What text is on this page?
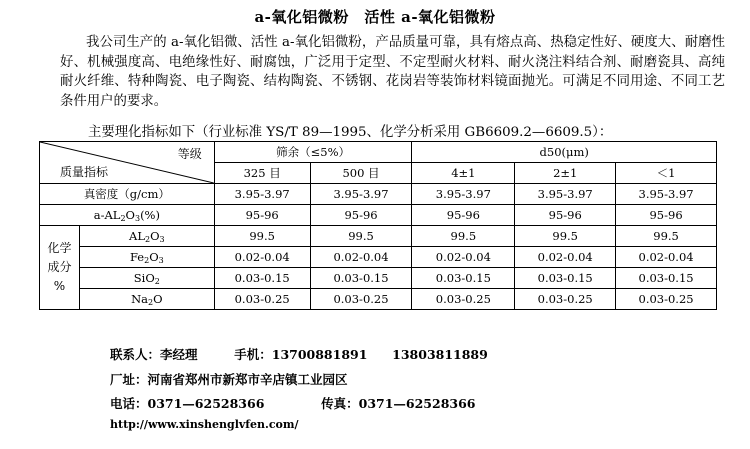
a-氧化铝微粉　活性 a-氧化铝微粉
我公司生产的 a-氧化铝微、活性 a-氧化铝微粉，产品质量可靠，具有熔点高、热稳定性好、硬度大、耐磨性好、机械强度高、电绝缘性好、耐腐蚀，广泛用于定型、不定型耐火材料、耐火浇注料结合剂、耐磨瓷具、高纯耐火纤维、特种陶瓷、电子陶瓷、结构陶瓷、不锈钢、花岗岩等装饰材料镜面抛光。可满足不同用途、不同工艺条件用户的要求。
主要理化指标如下（行业标准 YS/T 89—1995、化学分析采用 GB6609.2—6609.5）：
等级
质量指标		筛余（≤5%）		d50(μm)		
		325 目	500 目	4±1	2±1	＜1
真密度（g/cm）		3.95-3.97	3.95-3.97	3.95-3.97	3.95-3.97	3.95-3.97
$a-AL_2O_3(\%)$		95-96	95-96	95-96	95-96	95-96

化学
成分
%	$AL_2O_3$	99.5	99.5	99.5	99.5	99.5
	$Fe_2O_3$	0.02-0.04	0.02-0.04	0.02-0.04	0.02-0.04	0.02-0.04
	SiO$_2$	0.03-0.15	0.03-0.15	0.03-0.15	0.03-0.15	0.03-0.15
	$Na_2O$	0.03-0.25	0.03-0.25	0.03-0.25	0.03-0.25	0.03-0.25
联系人：李经理	手机：13700881891 13803811889
厂址：河南省郑州市新郑市辛店镇工业园区
电话：0371—62528366	传真：0371—62528366
http://www.xinshenglvfen.com/
